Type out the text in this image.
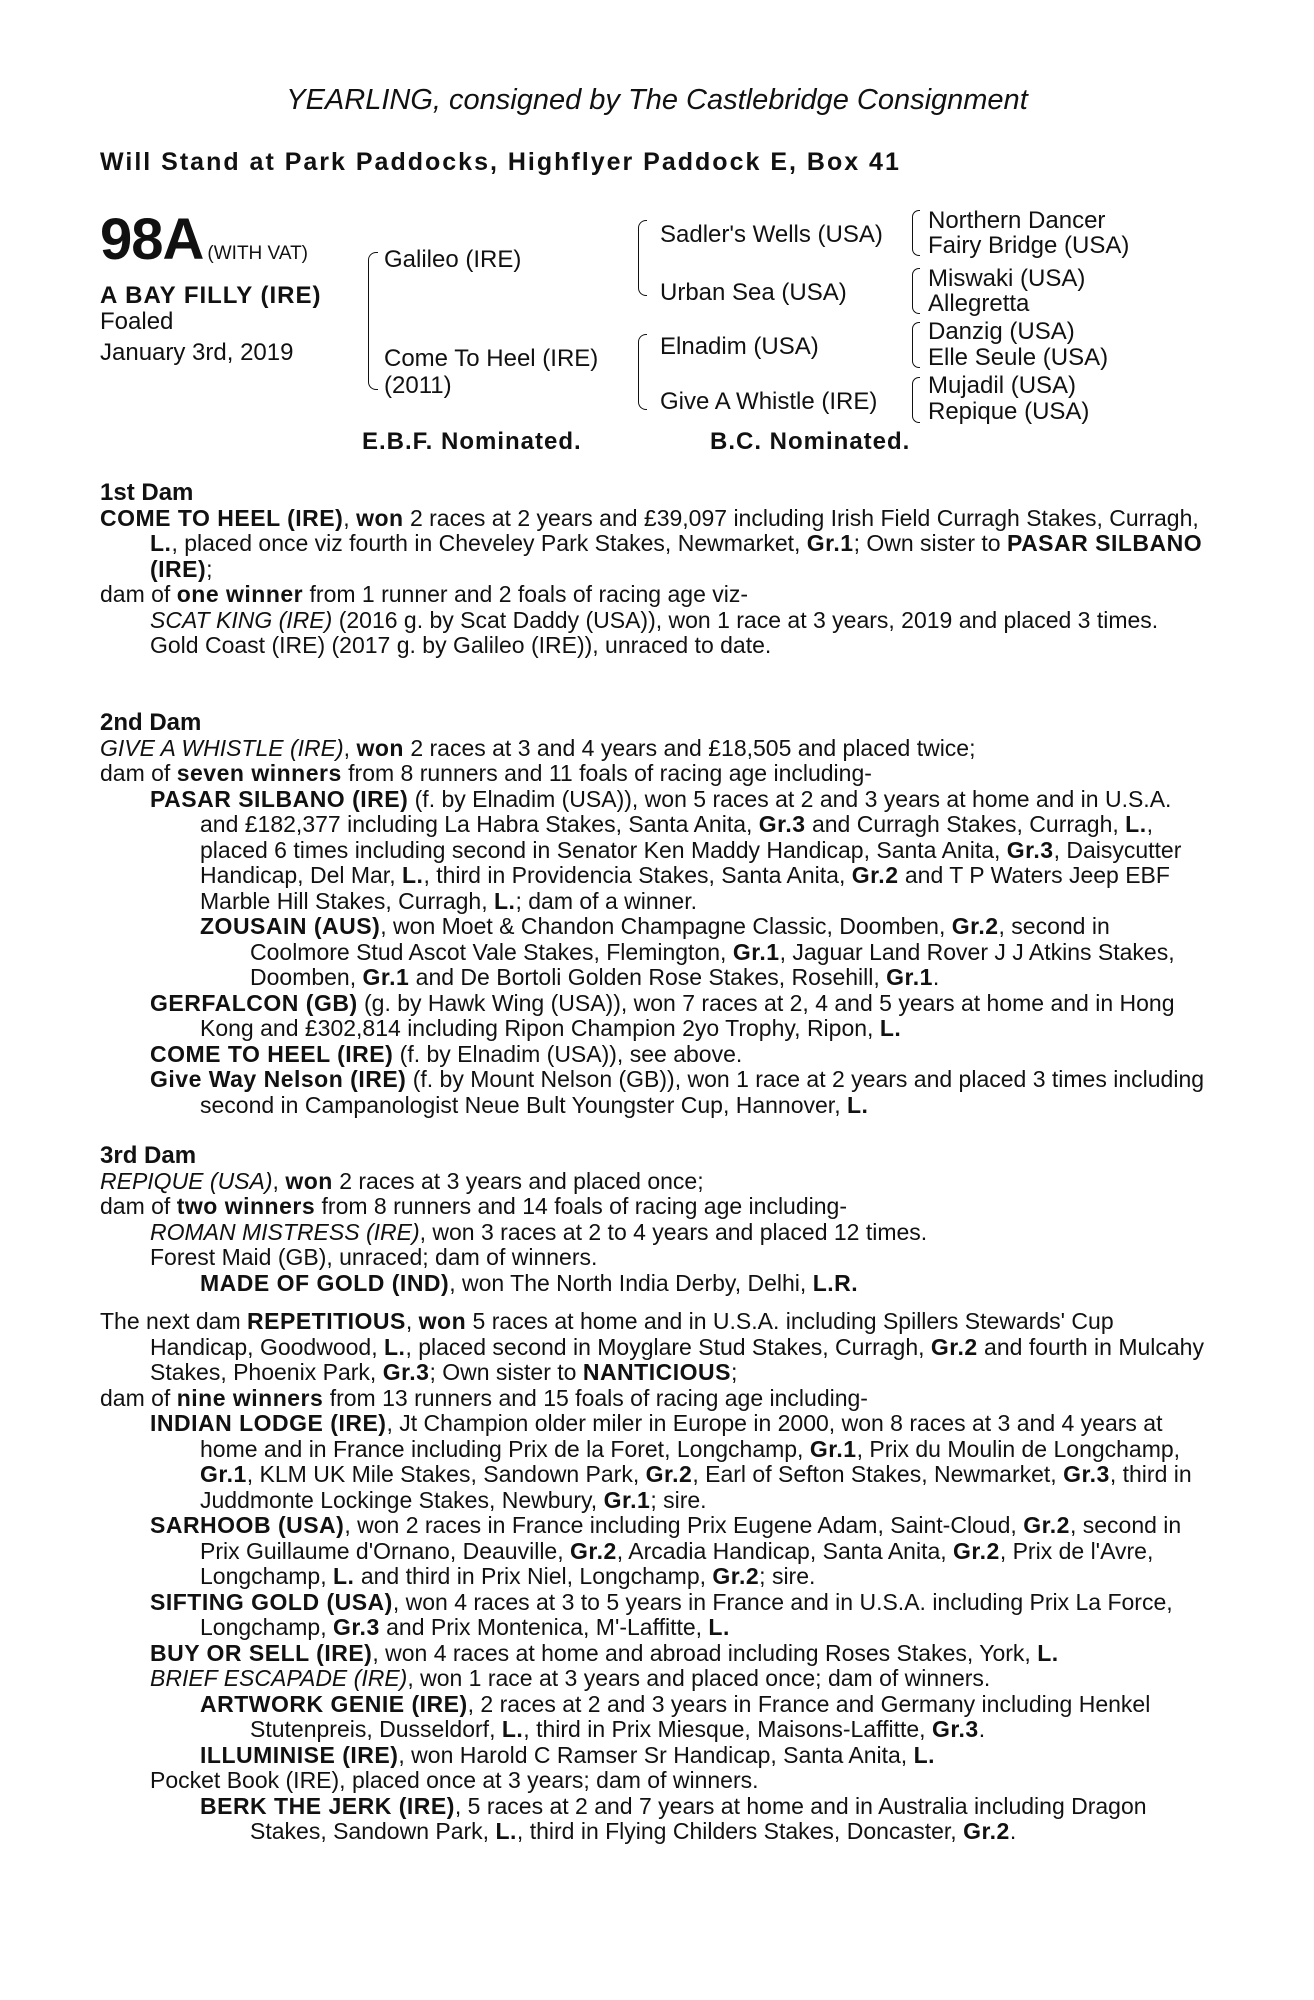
YEARLING, consigned by The Castlebridge Consignment
Will Stand at Park Paddocks, Highflyer Paddock E, Box 41
98A (WITH VAT)
A BAY FILLY (IRE)
Foaled
January 3rd, 2019
Galileo (IRE)
Come To Heel (IRE)
(2011)
Sadler's Wells (USA)
Urban Sea (USA)
Elnadim (USA)
Give A Whistle (IRE)
Northern Dancer
Fairy Bridge (USA)
Miswaki (USA)
Allegretta
Danzig (USA)
Elle Seule (USA)
Mujadil (USA)
Repique (USA)
E.B.F. Nominated.	B.C. Nominated.

1st Dam

COME TO HEEL (IRE), won 2 races at 2 years and £39,097 including Irish Field Curragh Stakes, Curragh, L., placed once viz fourth in Cheveley Park Stakes, Newmarket, Gr.1; Own sister to PASAR SILBANO (IRE);

dam of one winner from 1 runner and 2 foals of racing age viz-

SCAT KING (IRE) (2016 g. by Scat Daddy (USA)), won 1 race at 3 years, 2019 and placed 3 times.

Gold Coast (IRE) (2017 g. by Galileo (IRE)), unraced to date.

2nd Dam

GIVE A WHISTLE (IRE), won 2 races at 3 and 4 years and £18,505 and placed twice;

dam of seven winners from 8 runners and 11 foals of racing age including-

PASAR SILBANO (IRE) (f. by Elnadim (USA)), won 5 races at 2 and 3 years at home and in U.S.A. and £182,377 including La Habra Stakes, Santa Anita, Gr.3 and Curragh Stakes, Curragh, L., placed 6 times including second in Senator Ken Maddy Handicap, Santa Anita, Gr.3, Daisycutter Handicap, Del Mar, L., third in Providencia Stakes, Santa Anita, Gr.2 and T P Waters Jeep EBF Marble Hill Stakes, Curragh, L.; dam of a winner.

ZOUSAIN (AUS), won Moet & Chandon Champagne Classic, Doomben, Gr.2, second in Coolmore Stud Ascot Vale Stakes, Flemington, Gr.1, Jaguar Land Rover J J Atkins Stakes, Doomben, Gr.1 and De Bortoli Golden Rose Stakes, Rosehill, Gr.1.

GERFALCON (GB) (g. by Hawk Wing (USA)), won 7 races at 2, 4 and 5 years at home and in Hong Kong and £302,814 including Ripon Champion 2yo Trophy, Ripon, L.

COME TO HEEL (IRE) (f. by Elnadim (USA)), see above.

Give Way Nelson (IRE) (f. by Mount Nelson (GB)), won 1 race at 2 years and placed 3 times including second in Campanologist Neue Bult Youngster Cup, Hannover, L.

3rd Dam

REPIQUE (USA), won 2 races at 3 years and placed once;

dam of two winners from 8 runners and 14 foals of racing age including-

ROMAN MISTRESS (IRE), won 3 races at 2 to 4 years and placed 12 times.

Forest Maid (GB), unraced; dam of winners.

MADE OF GOLD (IND), won The North India Derby, Delhi, L.R.

The next dam REPETITIOUS, won 5 races at home and in U.S.A. including Spillers Stewards' Cup Handicap, Goodwood, L., placed second in Moyglare Stud Stakes, Curragh, Gr.2 and fourth in Mulcahy Stakes, Phoenix Park, Gr.3; Own sister to NANTICIOUS;

dam of nine winners from 13 runners and 15 foals of racing age including-

INDIAN LODGE (IRE), Jt Champion older miler in Europe in 2000, won 8 races at 3 and 4 years at home and in France including Prix de la Foret, Longchamp, Gr.1, Prix du Moulin de Longchamp, Gr.1, KLM UK Mile Stakes, Sandown Park, Gr.2, Earl of Sefton Stakes, Newmarket, Gr.3, third in Juddmonte Lockinge Stakes, Newbury, Gr.1; sire.

SARHOOB (USA), won 2 races in France including Prix Eugene Adam, Saint-Cloud, Gr.2, second in Prix Guillaume d'Ornano, Deauville, Gr.2, Arcadia Handicap, Santa Anita, Gr.2, Prix de l'Avre, Longchamp, L. and third in Prix Niel, Longchamp, Gr.2; sire.

SIFTING GOLD (USA), won 4 races at 3 to 5 years in France and in U.S.A. including Prix La Force, Longchamp, Gr.3 and Prix Montenica, M'-Laffitte, L.

BUY OR SELL (IRE), won 4 races at home and abroad including Roses Stakes, York, L.

BRIEF ESCAPADE (IRE), won 1 race at 3 years and placed once; dam of winners.

ARTWORK GENIE (IRE), 2 races at 2 and 3 years in France and Germany including Henkel Stutenpreis, Dusseldorf, L., third in Prix Miesque, Maisons-Laffitte, Gr.3.

ILLUMINISE (IRE), won Harold C Ramser Sr Handicap, Santa Anita, L.

Pocket Book (IRE), placed once at 3 years; dam of winners.

BERK THE JERK (IRE), 5 races at 2 and 7 years at home and in Australia including Dragon Stakes, Sandown Park, L., third in Flying Childers Stakes, Doncaster, Gr.2.
